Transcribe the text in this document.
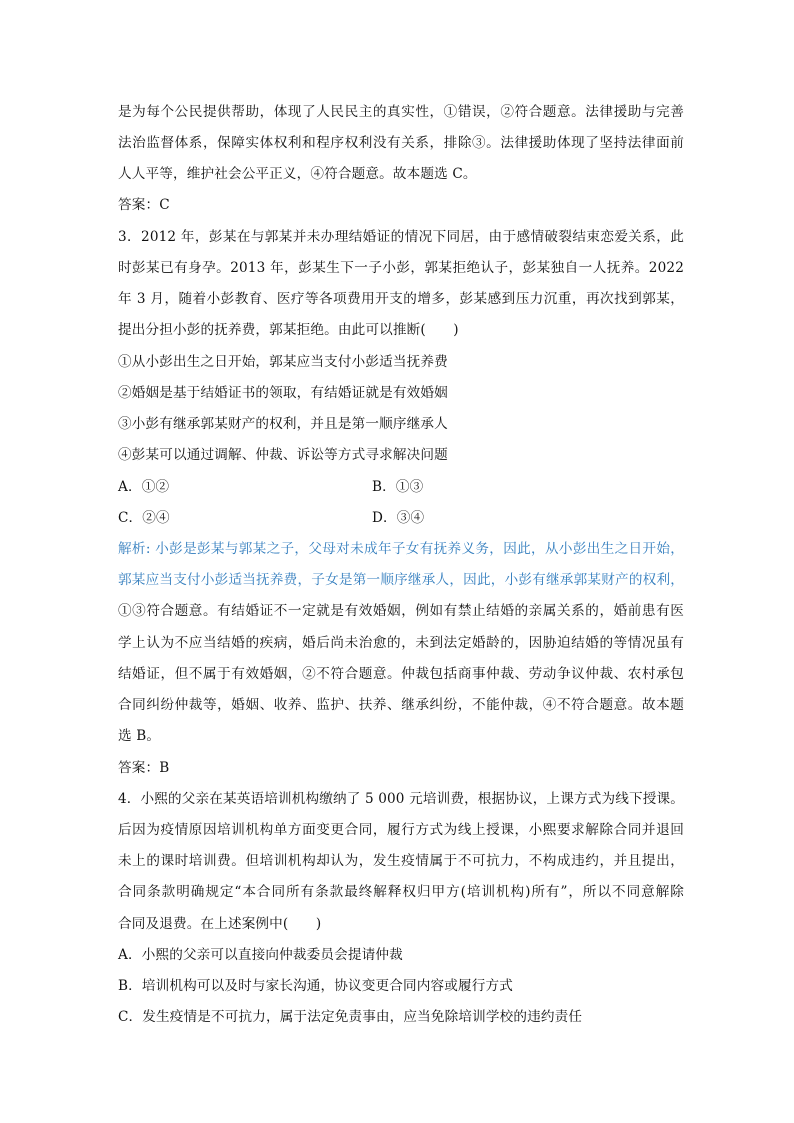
是为每个公民提供帮助，体现了人民民主的真实性，①错误，②符合题意。法律援助与完善
法治监督体系，保障实体权利和程序权利没有关系，排除③。法律援助体现了坚持法律面前
人人平等，维护社会公平正义，④符合题意。故本题选 C。
答案：C
3．2012 年，彭某在与郭某并未办理结婚证的情况下同居，由于感情破裂结束恋爱关系，此
时彭某已有身孕。2013 年，彭某生下一子小彭，郭某拒绝认子，彭某独自一人抚养。2022
年 3 月，随着小彭教育、医疗等各项费用开支的增多，彭某感到压力沉重，再次找到郭某，
提出分担小彭的抚养费，郭某拒绝。由此可以推断(　　)
①从小彭出生之日开始，郭某应当支付小彭适当抚养费
②婚姻是基于结婚证书的领取，有结婚证就是有效婚姻
③小彭有继承郭某财产的权利，并且是第一顺序继承人
④彭某可以通过调解、仲裁、诉讼等方式寻求解决问题
A．①②	B．①③
C．②④	D．③④
解析: 小彭是彭某与郭某之子，父母对未成年子女有抚养义务，因此，从小彭出生之日开始，
郭某应当支付小彭适当抚养费，子女是第一顺序继承人，因此，小彭有继承郭某财产的权利，
①③符合题意。有结婚证不一定就是有效婚姻，例如有禁止结婚的亲属关系的，婚前患有医
学上认为不应当结婚的疾病，婚后尚未治愈的，未到法定婚龄的，因胁迫结婚的等情况虽有
结婚证，但不属于有效婚姻，②不符合题意。仲裁包括商事仲裁、劳动争议仲裁、农村承包
合同纠纷仲裁等，婚姻、收养、监护、扶养、继承纠纷，不能仲裁，④不符合题意。故本题
选 B。
答案：B
4．小熙的父亲在某英语培训机构缴纳了 5 000 元培训费，根据协议，上课方式为线下授课。
后因为疫情原因培训机构单方面变更合同，履行方式为线上授课，小熙要求解除合同并退回
未上的课时培训费。但培训机构却认为，发生疫情属于不可抗力，不构成违约，并且提出，
合同条款明确规定“本合同所有条款最终解释权归甲方(培训机构)所有”，所以不同意解除
合同及退费。在上述案例中(　　)
A．小熙的父亲可以直接向仲裁委员会提请仲裁
B．培训机构可以及时与家长沟通，协议变更合同内容或履行方式
C．发生疫情是不可抗力，属于法定免责事由，应当免除培训学校的违约责任
